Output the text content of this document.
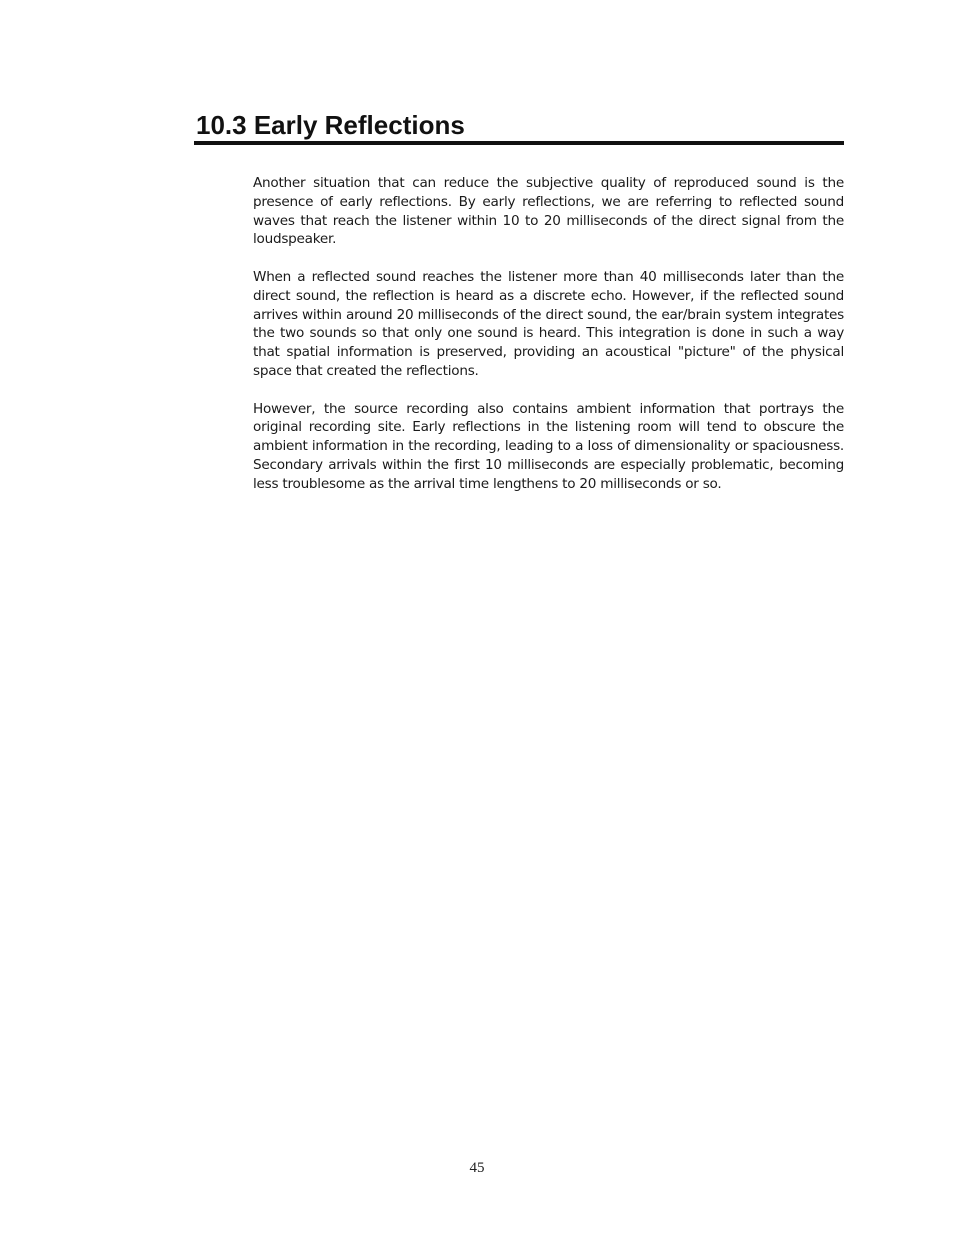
10.3 Early Reflections

Another situation that can reduce the subjective quality of reproduced sound is the presence of early reflections. By early reflections, we are referring to reflected sound waves that reach the listener within 10 to 20 milliseconds of the direct signal from the loudspeaker.

When a reflected sound reaches the listener more than 40 milliseconds later than the direct sound, the reflection is heard as a discrete echo. However, if the reflected sound arrives within around 20 milliseconds of the direct sound, the ear/brain system integrates the two sounds so that only one sound is heard. This integration is done in such a way that spatial information is preserved, providing an acoustical "picture" of the physical space that created the reflections.

However, the source recording also contains ambient information that portrays the original recording site. Early reflections in the listening room will tend to obscure the ambient information in the recording, leading to a loss of dimensionality or spaciousness. Secondary arrivals within the first 10 milliseconds are especially problematic, becoming less troublesome as the arrival time lengthens to 20 milliseconds or so.

45
